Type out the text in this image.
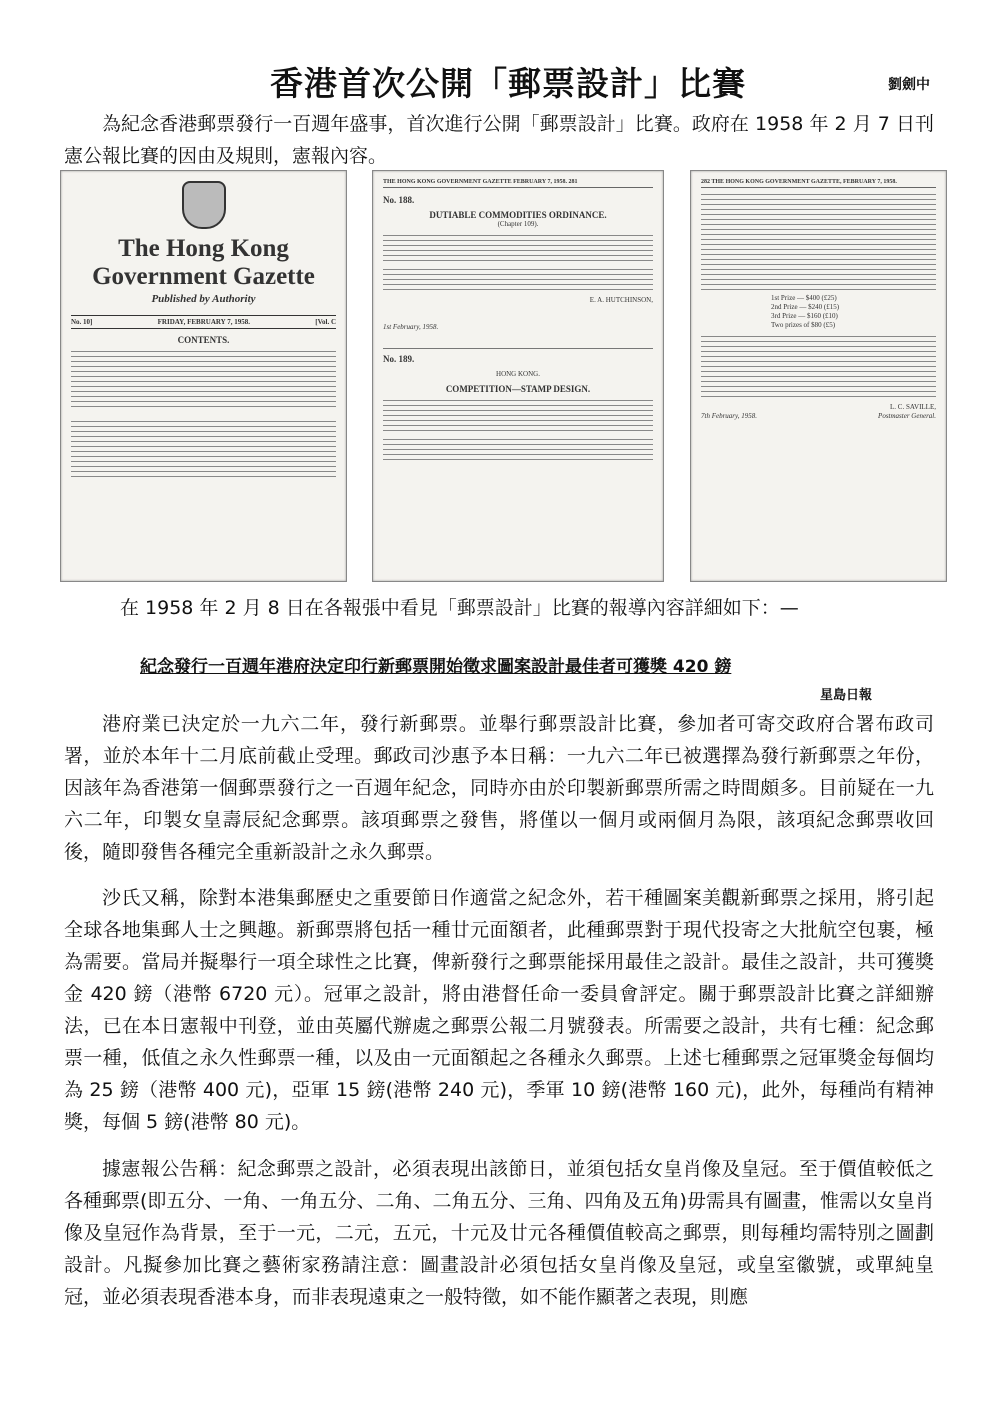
香港首次公開「郵票設計」比賽	劉劍中
為紀念香港郵票發行一百週年盛事，首次進行公開「郵票設計」比賽。政府在 1958 年 2 月 7 日刊憲公報比賽的因由及規則，憲報內容。
The Hong Kong
Government Gazette
Published by Authority
No. 10]	FRIDAY, FEBRUARY 7, 1958.	[Vol. C
CONTENTS.
THE HONG KONG GOVERNMENT GAZETTE FEBRUARY 7, 1958. 281
No. 188.
DUTIABLE COMMODITIES ORDINANCE.
(Chapter 109).
E. A. HUTCHINSON,
1st February, 1958.
No. 189.
HONG KONG.
COMPETITION—STAMP DESIGN.
282 THE HONG KONG GOVERNMENT GAZETTE, FEBRUARY 7, 1958.
1st Prize — $400 (£25)
2nd Prize — $240 (£15)
3rd Prize — $160 (£10)
Two prizes of $80 (£5)
L. C. SAVILLE,
7th February, 1958.	Postmaster General.
在 1958 年 2 月 8 日在各報張中看見「郵票設計」比賽的報導內容詳細如下：—
紀念發行一百週年港府決定印行新郵票開始徵求圖案設計最佳者可獲獎 420 鎊
星島日報
港府業已決定於一九六二年，發行新郵票。並舉行郵票設計比賽，參加者可寄交政府合署布政司署，並於本年十二月底前截止受理。郵政司沙惠予本日稱：一九六二年已被選擇為發行新郵票之年份，因該年為香港第一個郵票發行之一百週年紀念，同時亦由於印製新郵票所需之時間頗多。目前疑在一九六二年，印製女皇壽辰紀念郵票。該項郵票之發售，將僅以一個月或兩個月為限，該項紀念郵票收回後，隨即發售各種完全重新設計之永久郵票。
沙氏又稱，除對本港集郵歷史之重要節日作適當之紀念外，若干種圖案美觀新郵票之採用，將引起全球各地集郵人士之興趣。新郵票將包括一種廿元面額者，此種郵票對于現代投寄之大批航空包裹，極為需要。當局并擬舉行一項全球性之比賽，俾新發行之郵票能採用最佳之設計。最佳之設計，共可獲獎金 420 鎊（港幣 6720 元）。冠軍之設計，將由港督任命一委員會評定。關于郵票設計比賽之詳細辦法，已在本日憲報中刊登，並由英屬代辦處之郵票公報二月號發表。所需要之設計，共有七種：紀念郵票一種，低值之永久性郵票一種，以及由一元面額起之各種永久郵票。上述七種郵票之冠軍獎金每個均為 25 鎊（港幣 400 元)，亞軍 15 鎊(港幣 240 元)，季軍 10 鎊(港幣 160 元)，此外，每種尚有精神獎，每個 5 鎊(港幣 80 元)。
據憲報公告稱：紀念郵票之設計，必須表現出該節日，並須包括女皇肖像及皇冠。至于價值較低之各種郵票(即五分、一角、一角五分、二角、二角五分、三角、四角及五角)毋需具有圖畫，惟需以女皇肖像及皇冠作為背景，至于一元，二元，五元，十元及廿元各種價值較高之郵票，則每種均需特別之圖劃設計。凡擬參加比賽之藝術家務請注意：圖畫設計必須包括女皇肖像及皇冠，或皇室徽號，或單純皇冠，並必須表現香港本身，而非表現遠東之一般特徵，如不能作顯著之表現，則應
